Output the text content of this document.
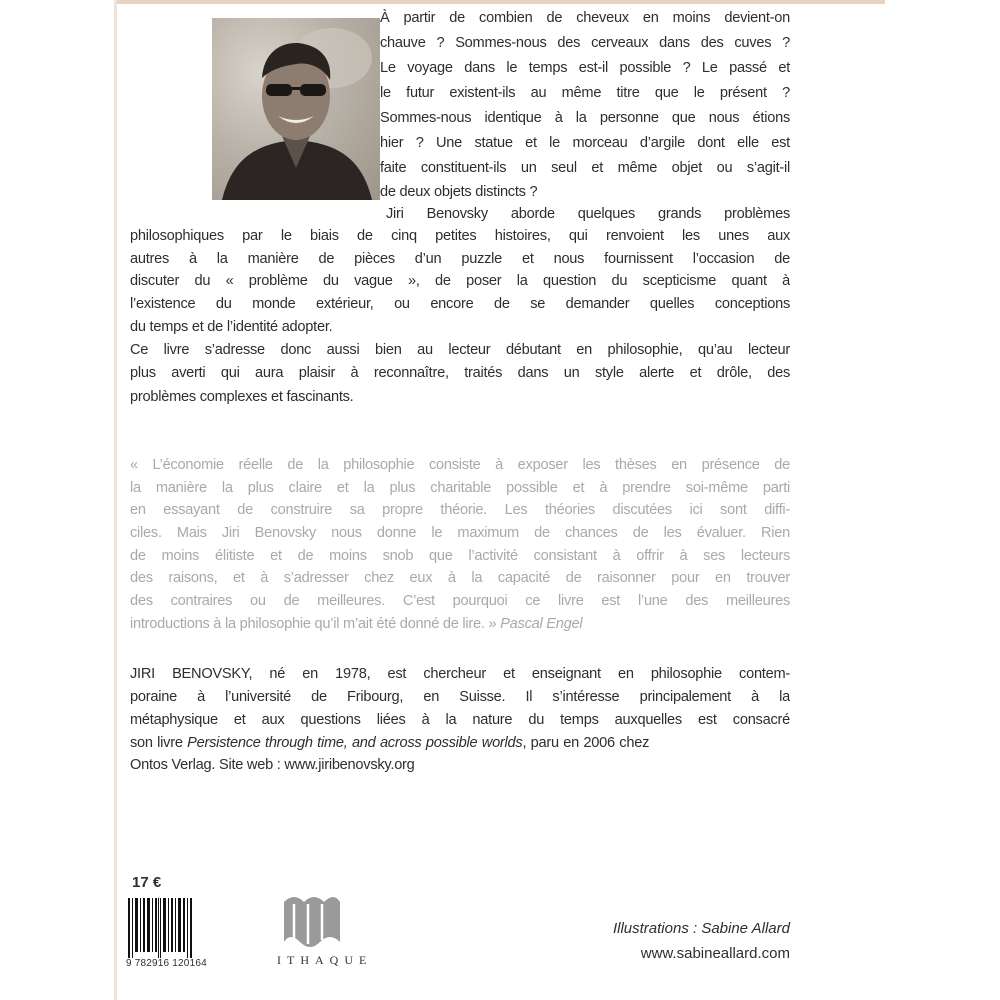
À partir de combien de cheveux en moins devient-on
chauve ? Sommes-nous des cerveaux dans des cuves ?
Le voyage dans le temps est-il possible ? Le passé et
le futur existent-ils au même titre que le présent ?
Sommes-nous identique à la personne que nous étions
hier ? Une statue et le morceau d’argile dont elle est
faite constituent-ils un seul et même objet ou s’agit-il
de deux objets distincts ?
Jiri Benovsky aborde quelques grands problèmes
philosophiques par le biais de cinq petites histoires, qui renvoient les unes aux
autres à la manière de pièces d’un puzzle et nous fournissent l’occasion de
discuter du « problème du vague », de poser la question du scepticisme quant à
l’existence du monde extérieur, ou encore de se demander quelles conceptions
du temps et de l’identité adopter.
Ce livre s’adresse donc aussi bien au lecteur débutant en philosophie, qu’au lecteur
plus averti qui aura plaisir à reconnaître, traités dans un style alerte et drôle, des
problèmes complexes et fascinants.
« L’économie réelle de la philosophie consiste à exposer les thèses en présence de
la manière la plus claire et la plus charitable possible et à prendre soi-même parti
en essayant de construire sa propre théorie. Les théories discutées ici sont diffi-
ciles. Mais Jiri Benovsky nous donne le maximum de chances de les évaluer. Rien
de moins élitiste et de moins snob que l’activité consistant à offrir à ses lecteurs
des raisons, et à s’adresser chez eux à la capacité de raisonner pour en trouver
des contraires ou de meilleures. C’est pourquoi ce livre est l’une des meilleures
introductions à la philosophie qu’il m’ait été donné de lire. » Pascal Engel
JIRI BENOVSKY, né en 1978, est chercheur et enseignant en philosophie contem-
poraine à l’université de Fribourg, en Suisse. Il s’intéresse principalement à la
métaphysique et aux questions liées à la nature du temps auxquelles est consacré
son livre Persistence through time, and across possible worlds, paru en 2006 chez
Ontos Verlag. Site web : www.jiribenovsky.org
17 €
9 782916 120164	ITHAQUE
Illustrations : Sabine Allard
www.sabineallard.com
